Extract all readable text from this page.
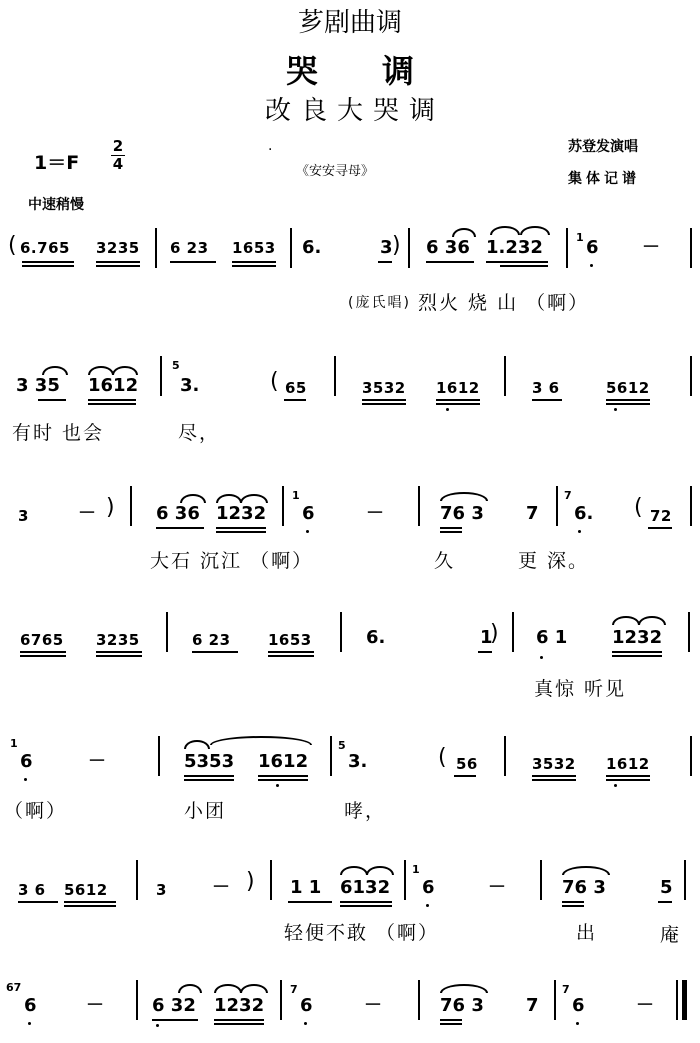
芗剧曲调
哭调
改良大哭调
1＝F
2
4
·
《安安寻母》
苏登发演唱
集体记谱
中速稍慢
( 6.765 3235 6 23 1653 6.	3 ) 6 36 1.232	1 6 －
(庞氏唱) 烈火 烧 山 （啊）
3 35 1612
5
3.	( 65	3532 1612	3 6	5612
有时 也会	尽，
3	－ ) 6 36 1232
1
6	－	76 3 7
7
6. ( 72
大石 沉江 （啊）	久	更 深。
6765 3235	6 23 1653	6.	1
) 6 1 1232
真惊 听见
1
6	－	5353 1612
5
3.	( 56	3532 1612
（啊）	小团	哮，
3 6 5612	3	－ ) 1 1 6132
1
6	－	76 3	5
轻便不敢 （啊）	出	庵
67
6	－	6 32 1232
7
6	－	76 3 7
7
6	－
